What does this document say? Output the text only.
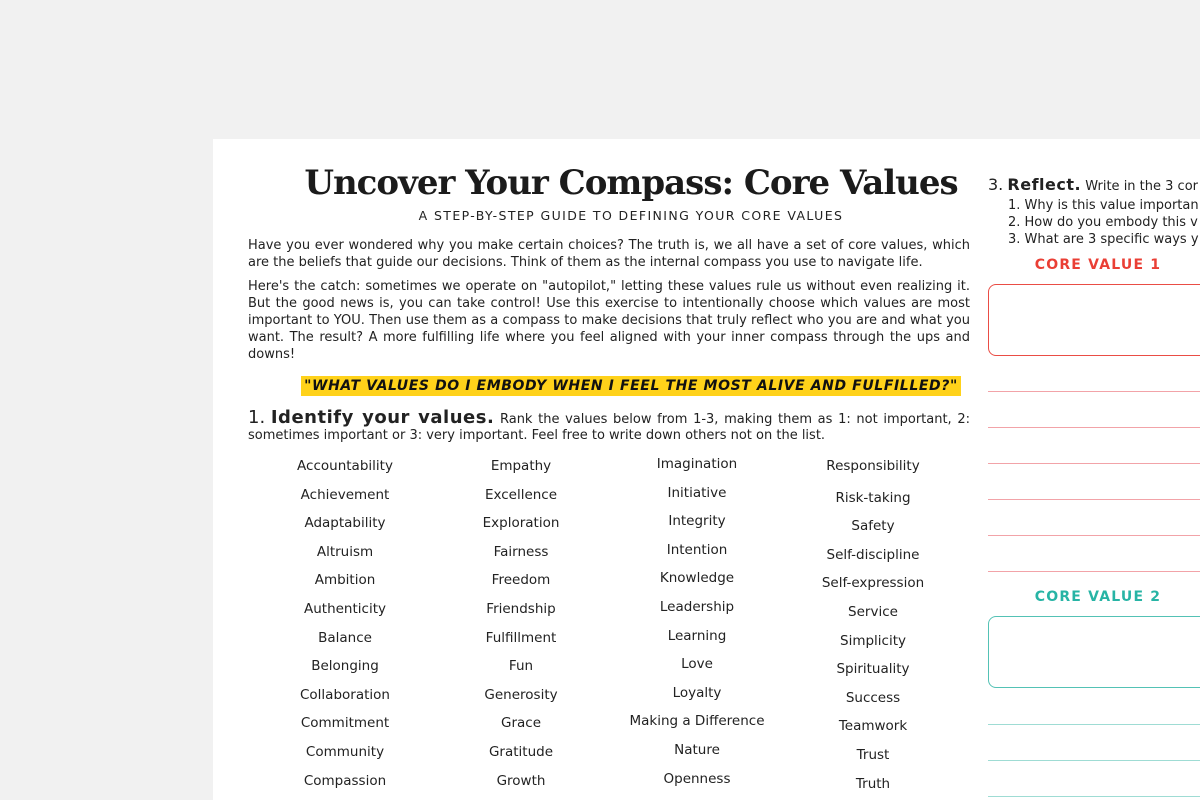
Uncover Your Compass: Core Values
A STEP-BY-STEP GUIDE TO DEFINING YOUR CORE VALUES

Have you ever wondered why you make certain choices? The truth is, we all have a set of core values, which are the beliefs that guide our decisions. Think of them as the internal compass you use to navigate life.

Here's the catch: sometimes we operate on "autopilot," letting these values rule us without even realizing it. But the good news is, you can take control! Use this exercise to intentionally choose which values are most important to YOU. Then use them as a compass to make decisions that truly reflect who you are and what you want. The result? A more fulfilling life where you feel aligned with your inner compass through the ups and downs!

"WHAT VALUES DO I EMBODY WHEN I FEEL THE MOST ALIVE AND FULFILLED?"
1. Identify your values. Rank the values below from 1-3, making them as 1: not important, 2: sometimes important or 3: very important. Feel free to write down others not on the list.
Accountability
Achievement
Adaptability
Altruism
Ambition
Authenticity
Balance
Belonging
Collaboration
Commitment
Community
Compassion
Empathy
Excellence
Exploration
Fairness
Freedom
Friendship
Fulfillment
Fun
Generosity
Grace
Gratitude
Growth
Imagination
Initiative
Integrity
Intention
Knowledge
Leadership
Learning
Love
Loyalty
Making a Difference
Nature
Openness
Responsibility
Risk-taking
Safety
Self-discipline
Self-expression
Service
Simplicity
Spirituality
Success
Teamwork
Trust
Truth
3. Reflect. Write in the 3 cor
1. Why is this value importan
2. How do you embody this v
3. What are 3 specific ways y
CORE VALUE 1
CORE VALUE 2
